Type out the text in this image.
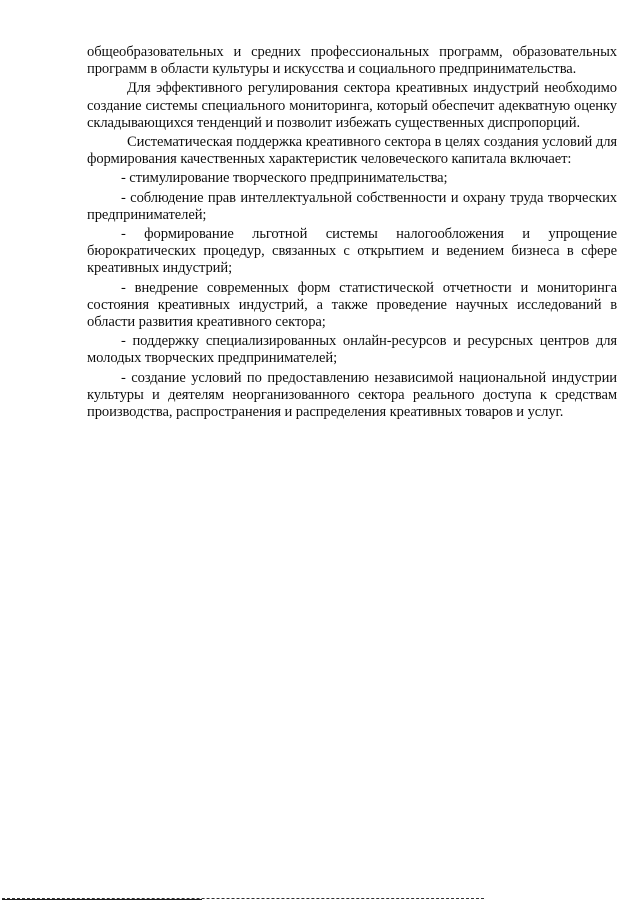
общеобразовательных и средних профессиональных программ, образовательных программ в области культуры и искусства и социального предпринимательства.

Для эффективного регулирования сектора креативных индустрий необходимо создание системы специального мониторинга, который обеспечит адекватную оценку складывающихся тенденций и позволит избежать существенных диспропорций.

Систематическая поддержка креативного сектора в целях создания условий для формирования качественных характеристик человеческого капитала включает:

- стимулирование творческого предпринимательства;

- соблюдение прав интеллектуальной собственности и охрану труда творческих предпринимателей;

- формирование льготной системы налогообложения и упрощение бюрократических процедур, связанных с открытием и ведением бизнеса в сфере креативных индустрий;

- внедрение современных форм статистической отчетности и мониторинга состояния креативных индустрий, а также проведение научных исследований в области развития креативного сектора;

- поддержку специализированных онлайн-ресурсов и ресурсных центров для молодых творческих предпринимателей;

- создание условий по предоставлению независимой национальной индустрии культуры и деятелям неорганизованного сектора реального доступа к средствам производства, распространения и распределения креативных товаров и услуг.
